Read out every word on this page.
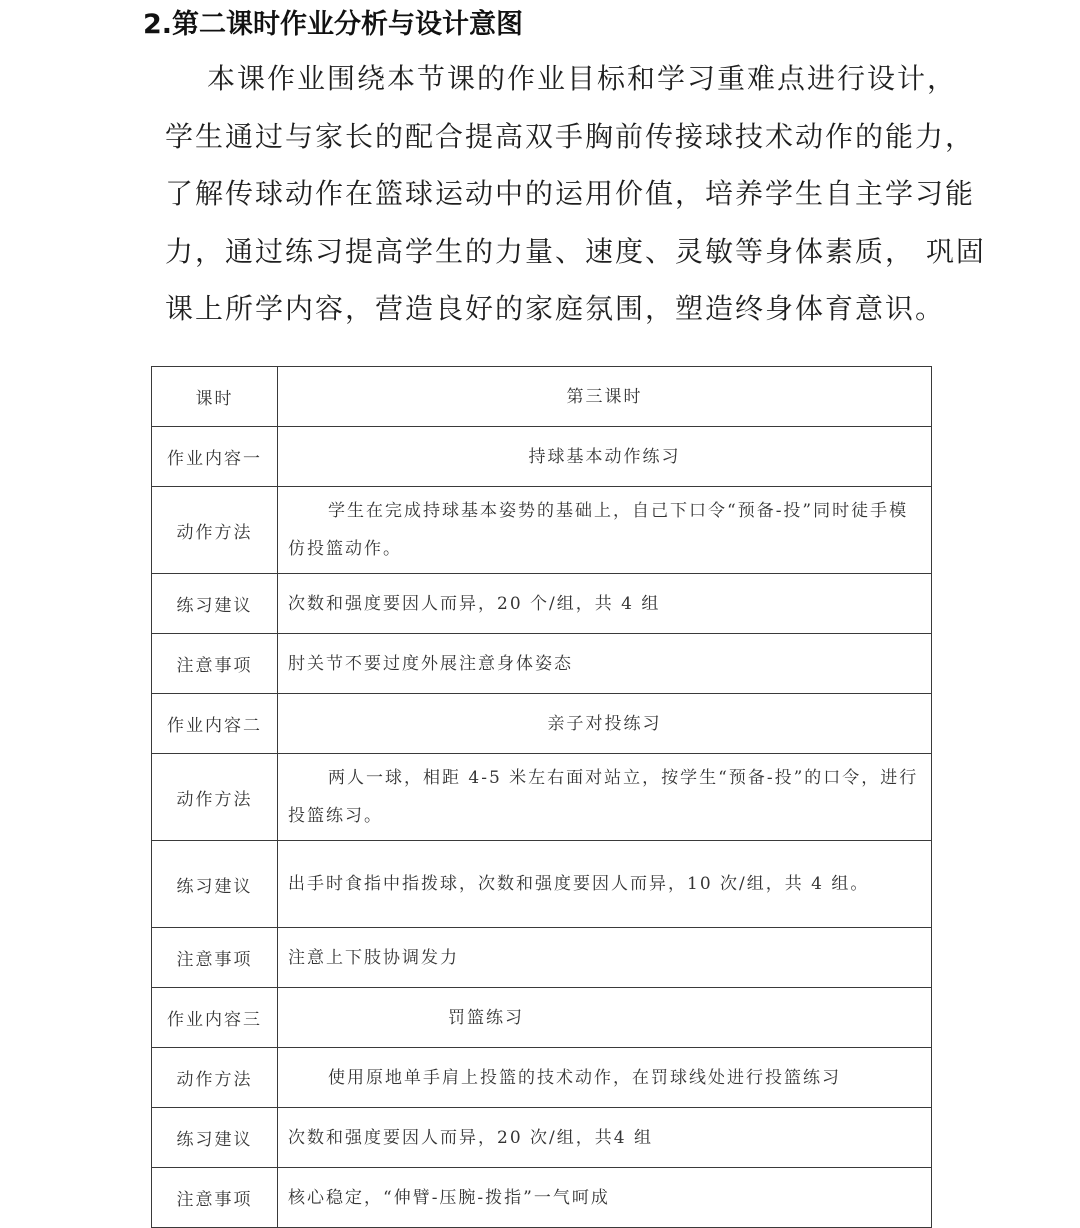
2.第二课时作业分析与设计意图
本课作业围绕本节课的作业目标和学习重难点进行设计，
学生通过与家长的配合提高双手胸前传接球技术动作的能力，
了解传球动作在篮球运动中的运用价值，培养学生自主学习能
力，通过练习提高学生的力量、速度、灵敏等身体素质， 巩固
课上所学内容，营造良好的家庭氛围，塑造终身体育意识。
课时	第三课时
作业内容一	持球基本动作练习
动作方法	学生在完成持球基本姿势的基础上，自己下口令“预备-投”同时徒手模仿投篮动作。
练习建议	次数和强度要因人而异，20 个/组，共 4 组
注意事项	肘关节不要过度外展注意身体姿态
作业内容二	亲子对投练习
动作方法	两人一球，相距 4-5 米左右面对站立，按学生“预备-投”的口令，进行投篮练习。
练习建议	出手时食指中指拨球，次数和强度要因人而异，10 次/组，共 4 组。
注意事项	注意上下肢协调发力
作业内容三	罚篮练习
动作方法	使用原地单手肩上投篮的技术动作，在罚球线处进行投篮练习
练习建议	次数和强度要因人而异，20 次/组，共4 组
注意事项	核心稳定，“伸臂-压腕-拨指”一气呵成
